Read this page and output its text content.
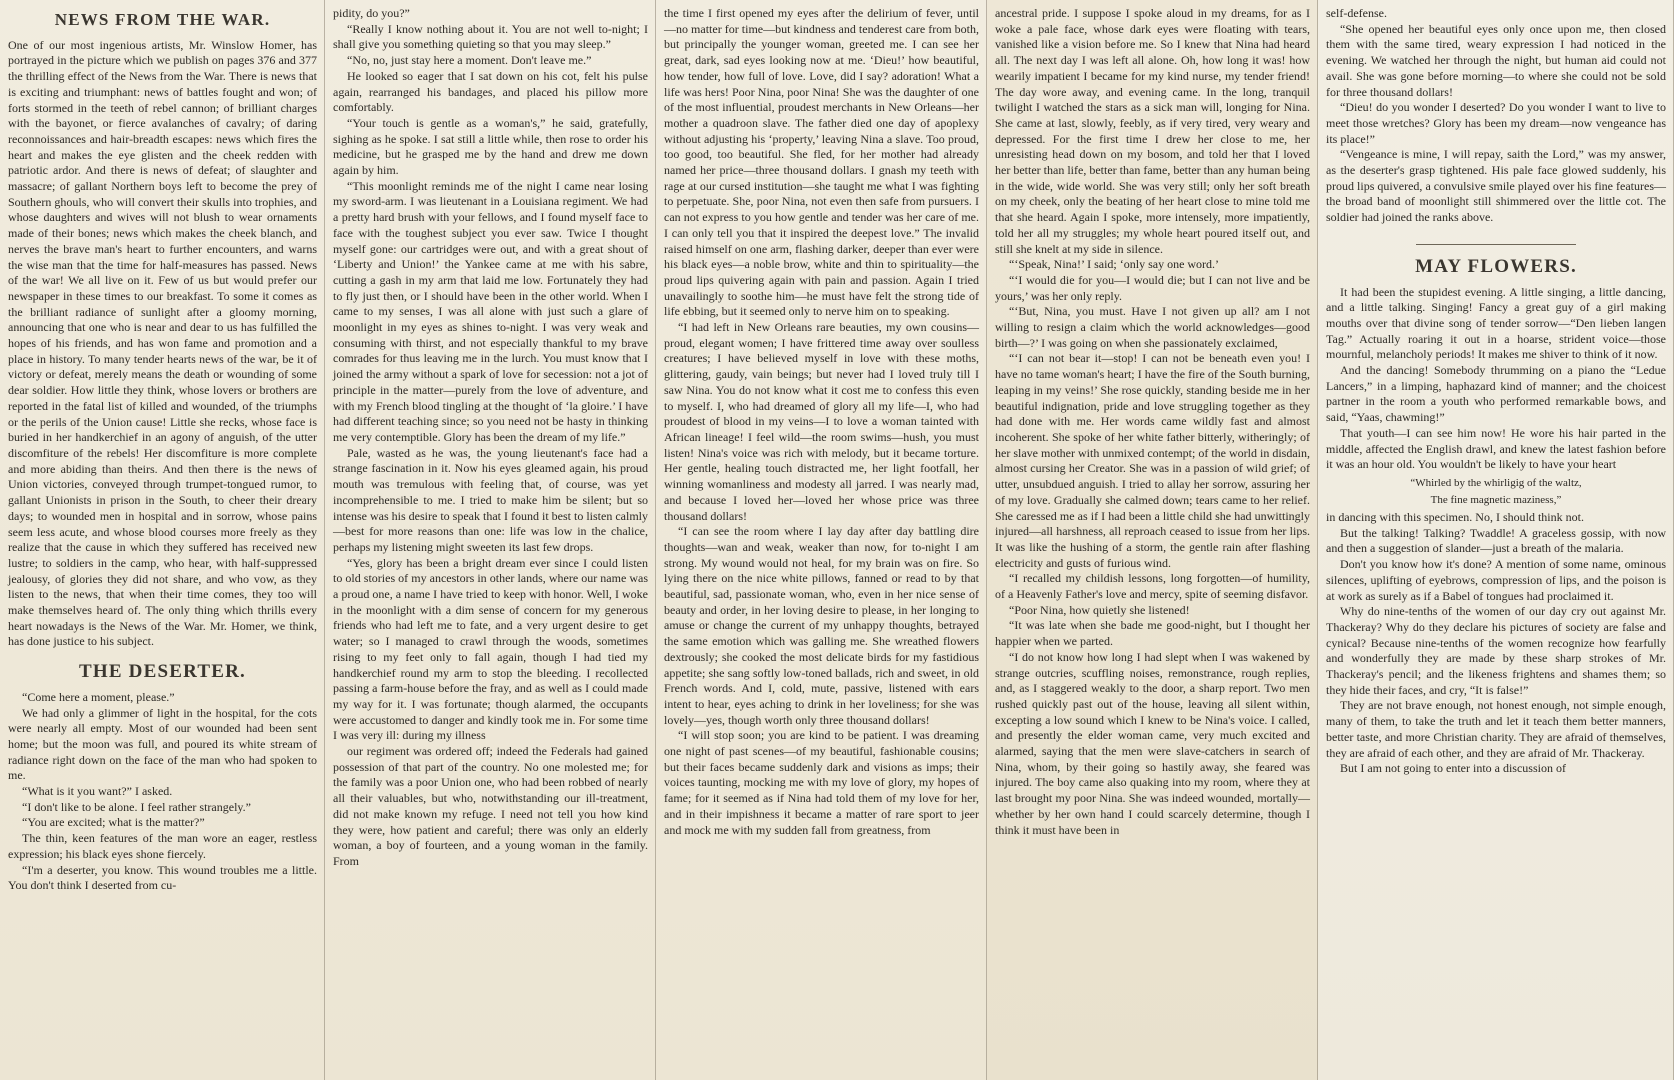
NEWS FROM THE WAR.

One of our most ingenious artists, Mr. Winslow Homer, has portrayed in the picture which we publish on pages 376 and 377 the thrilling effect of the News from the War. There is news that is exciting and triumphant: news of battles fought and won; of forts stormed in the teeth of rebel cannon; of brilliant charges with the bayonet, or fierce avalanches of cavalry; of daring reconnoissances and hair-breadth escapes: news which fires the heart and makes the eye glisten and the cheek redden with patriotic ardor. And there is news of defeat; of slaughter and massacre; of gallant Northern boys left to become the prey of Southern ghouls, who will convert their skulls into trophies, and whose daughters and wives will not blush to wear ornaments made of their bones; news which makes the cheek blanch, and nerves the brave man's heart to further encounters, and warns the wise man that the time for half-measures has passed. News of the war! We all live on it. Few of us but would prefer our newspaper in these times to our breakfast. To some it comes as the brilliant radiance of sunlight after a gloomy morning, announcing that one who is near and dear to us has fulfilled the hopes of his friends, and has won fame and promotion and a place in history. To many tender hearts news of the war, be it of victory or defeat, merely means the death or wounding of some dear soldier. How little they think, whose lovers or brothers are reported in the fatal list of killed and wounded, of the triumphs or the perils of the Union cause! Little she recks, whose face is buried in her handkerchief in an agony of anguish, of the utter discomfiture of the rebels! Her discomfiture is more complete and more abiding than theirs. And then there is the news of Union victories, conveyed through trumpet-tongued rumor, to gallant Unionists in prison in the South, to cheer their dreary days; to wounded men in hospital and in sorrow, whose pains seem less acute, and whose blood courses more freely as they realize that the cause in which they suffered has received new lustre; to soldiers in the camp, who hear, with half-suppressed jealousy, of glories they did not share, and who vow, as they listen to the news, that when their time comes, they too will make themselves heard of. The only thing which thrills every heart nowadays is the News of the War. Mr. Homer, we think, has done justice to his subject.

THE DESERTER.

“Come here a moment, please.”

We had only a glimmer of light in the hospital, for the cots were nearly all empty. Most of our wounded had been sent home; but the moon was full, and poured its white stream of radiance right down on the face of the man who had spoken to me.

“What is it you want?” I asked.

“I don't like to be alone. I feel rather strangely.”

“You are excited; what is the matter?”

The thin, keen features of the man wore an eager, restless expression; his black eyes shone fiercely.

“I'm a deserter, you know. This wound troubles me a little. You don't think I deserted from cu-

pidity, do you?”

“Really I know nothing about it. You are not well to-night; I shall give you something quieting so that you may sleep.”

“No, no, just stay here a moment. Don't leave me.”

He looked so eager that I sat down on his cot, felt his pulse again, rearranged his bandages, and placed his pillow more comfortably.

“Your touch is gentle as a woman's,” he said, gratefully, sighing as he spoke. I sat still a little while, then rose to order his medicine, but he grasped me by the hand and drew me down again by him.

“This moonlight reminds me of the night I came near losing my sword-arm. I was lieutenant in a Louisiana regiment. We had a pretty hard brush with your fellows, and I found myself face to face with the toughest subject you ever saw. Twice I thought myself gone: our cartridges were out, and with a great shout of ‘Liberty and Union!’ the Yankee came at me with his sabre, cutting a gash in my arm that laid me low. Fortunately they had to fly just then, or I should have been in the other world. When I came to my senses, I was all alone with just such a glare of moonlight in my eyes as shines to-night. I was very weak and consuming with thirst, and not especially thankful to my brave comrades for thus leaving me in the lurch. You must know that I joined the army without a spark of love for secession: not a jot of principle in the matter—purely from the love of adventure, and with my French blood tingling at the thought of ‘la gloire.’ I have had different teaching since; so you need not be hasty in thinking me very contemptible. Glory has been the dream of my life.”

Pale, wasted as he was, the young lieutenant's face had a strange fascination in it. Now his eyes gleamed again, his proud mouth was tremulous with feeling that, of course, was yet incomprehensible to me. I tried to make him be silent; but so intense was his desire to speak that I found it best to listen calmly—best for more reasons than one: life was low in the chalice, perhaps my listening might sweeten its last few drops.

“Yes, glory has been a bright dream ever since I could listen to old stories of my ancestors in other lands, where our name was a proud one, a name I have tried to keep with honor. Well, I woke in the moonlight with a dim sense of concern for my generous friends who had left me to fate, and a very urgent desire to get water; so I managed to crawl through the woods, sometimes rising to my feet only to fall again, though I had tied my handkerchief round my arm to stop the bleeding. I recollected passing a farm-house before the fray, and as well as I could made my way for it. I was fortunate; though alarmed, the occupants were accustomed to danger and kindly took me in. For some time I was very ill: during my illness

our regiment was ordered off; indeed the Federals had gained possession of that part of the country. No one molested me; for the family was a poor Union one, who had been robbed of nearly all their valuables, but who, notwithstanding our ill-treatment, did not make known my refuge. I need not tell you how kind they were, how patient and careful; there was only an elderly woman, a boy of fourteen, and a young woman in the family. From

the time I first opened my eyes after the delirium of fever, until—no matter for time—but kindness and tenderest care from both, but principally the younger woman, greeted me. I can see her great, dark, sad eyes looking now at me. ‘Dieu!’ how beautiful, how tender, how full of love. Love, did I say? adoration! What a life was hers! Poor Nina, poor Nina! She was the daughter of one of the most influential, proudest merchants in New Orleans—her mother a quadroon slave. The father died one day of apoplexy without adjusting his ‘property,’ leaving Nina a slave. Too proud, too good, too beautiful. She fled, for her mother had already named her price—three thousand dollars. I gnash my teeth with rage at our cursed institution—she taught me what I was fighting to perpetuate. She, poor Nina, not even then safe from pursuers. I can not express to you how gentle and tender was her care of me. I can only tell you that it inspired the deepest love.” The invalid raised himself on one arm, flashing darker, deeper than ever were his black eyes—a noble brow, white and thin to spirituality—the proud lips quivering again with pain and passion. Again I tried unavailingly to soothe him—he must have felt the strong tide of life ebbing, but it seemed only to nerve him on to speaking.

“I had left in New Orleans rare beauties, my own cousins—proud, elegant women; I have frittered time away over soulless creatures; I have believed myself in love with these moths, glittering, gaudy, vain beings; but never had I loved truly till I saw Nina. You do not know what it cost me to confess this even to myself. I, who had dreamed of glory all my life—I, who had proudest of blood in my veins—I to love a woman tainted with African lineage! I feel wild—the room swims—hush, you must listen! Nina's voice was rich with melody, but it became torture. Her gentle, healing touch distracted me, her light footfall, her winning womanliness and modesty all jarred. I was nearly mad, and because I loved her—loved her whose price was three thousand dollars!

“I can see the room where I lay day after day battling dire thoughts—wan and weak, weaker than now, for to-night I am strong. My wound would not heal, for my brain was on fire. So lying there on the nice white pillows, fanned or read to by that beautiful, sad, passionate woman, who, even in her nice sense of beauty and order, in her loving desire to please, in her longing to amuse or change the current of my unhappy thoughts, betrayed the same emotion which was galling me. She wreathed flowers dextrously; she cooked the most delicate birds for my fastidious appetite; she sang softly low-toned ballads, rich and sweet, in old French words. And I, cold, mute, passive, listened with ears intent to hear, eyes aching to drink in her loveliness; for she was lovely—yes, though worth only three thousand dollars!

“I will stop soon; you are kind to be patient. I was dreaming one night of past scenes—of my beautiful, fashionable cousins; but their faces became suddenly dark and visions as imps; their voices taunting, mocking me with my love of glory, my hopes of fame; for it seemed as if Nina had told them of my love for her, and in their impishness it became a matter of rare sport to jeer and mock me with my sudden fall from greatness, from

ancestral pride. I suppose I spoke aloud in my dreams, for as I woke a pale face, whose dark eyes were floating with tears, vanished like a vision before me. So I knew that Nina had heard all. The next day I was left all alone. Oh, how long it was! how wearily impatient I became for my kind nurse, my tender friend! The day wore away, and evening came. In the long, tranquil twilight I watched the stars as a sick man will, longing for Nina. She came at last, slowly, feebly, as if very tired, very weary and depressed. For the first time I drew her close to me, her unresisting head down on my bosom, and told her that I loved her better than life, better than fame, better than any human being in the wide, wide world. She was very still; only her soft breath on my cheek, only the beating of her heart close to mine told me that she heard. Again I spoke, more intensely, more impatiently, told her all my struggles; my whole heart poured itself out, and still she knelt at my side in silence.

“‘Speak, Nina!’ I said; ‘only say one word.’

“‘I would die for you—I would die; but I can not live and be yours,’ was her only reply.

“‘But, Nina, you must. Have I not given up all? am I not willing to resign a claim which the world acknowledges—good birth—?’ I was going on when she passionately exclaimed,

“‘I can not bear it—stop! I can not be beneath even you! I have no tame woman's heart; I have the fire of the South burning, leaping in my veins!’ She rose quickly, standing beside me in her beautiful indignation, pride and love struggling together as they had done with me. Her words came wildly fast and almost incoherent. She spoke of her white father bitterly, witheringly; of her slave mother with unmixed contempt; of the world in disdain, almost cursing her Creator. She was in a passion of wild grief; of utter, unsubdued anguish. I tried to allay her sorrow, assuring her of my love. Gradually she calmed down; tears came to her relief. She caressed me as if I had been a little child she had unwittingly injured—all harshness, all reproach ceased to issue from her lips. It was like the hushing of a storm, the gentle rain after flashing electricity and gusts of furious wind.

“I recalled my childish lessons, long forgotten—of humility, of a Heavenly Father's love and mercy, spite of seeming disfavor.

“Poor Nina, how quietly she listened!

“It was late when she bade me good-night, but I thought her happier when we parted.

“I do not know how long I had slept when I was wakened by strange outcries, scuffling noises, remonstrance, rough replies, and, as I staggered weakly to the door, a sharp report. Two men rushed quickly past out of the house, leaving all silent within, excepting a low sound which I knew to be Nina's voice. I called, and presently the elder woman came, very much excited and alarmed, saying that the men were slave-catchers in search of Nina, whom, by their going so hastily away, she feared was injured. The boy came also quaking into my room, where they at last brought my poor Nina. She was indeed wounded, mortally—whether by her own hand I could scarcely determine, though I think it must have been in

self-defense.

“She opened her beautiful eyes only once upon me, then closed them with the same tired, weary expression I had noticed in the evening. We watched her through the night, but human aid could not avail. She was gone before morning—to where she could not be sold for three thousand dollars!

“Dieu! do you wonder I deserted? Do you wonder I want to live to meet those wretches? Glory has been my dream—now vengeance has its place!”

“Vengeance is mine, I will repay, saith the Lord,” was my answer, as the deserter's grasp tightened. His pale face glowed suddenly, his proud lips quivered, a convulsive smile played over his fine features—the broad band of moonlight still shimmered over the little cot. The soldier had joined the ranks above.

MAY FLOWERS.

It had been the stupidest evening. A little singing, a little dancing, and a little talking. Singing! Fancy a great guy of a girl making mouths over that divine song of tender sorrow—“Den lieben langen Tag.” Actually roaring it out in a hoarse, strident voice—those mournful, melancholy periods! It makes me shiver to think of it now.

And the dancing! Somebody thrumming on a piano the “Ledue Lancers,” in a limping, haphazard kind of manner; and the choicest partner in the room a youth who performed remarkable bows, and said, “Yaas, chawming!”

That youth—I can see him now! He wore his hair parted in the middle, affected the English drawl, and knew the latest fashion before it was an hour old. You wouldn't be likely to have your heart

“Whirled by the whirligig of the waltz,
The fine magnetic maziness,”

in dancing with this specimen. No, I should think not.

But the talking! Talking? Twaddle! A graceless gossip, with now and then a suggestion of slander—just a breath of the malaria.

Don't you know how it's done? A mention of some name, ominous silences, uplifting of eyebrows, compression of lips, and the poison is at work as surely as if a Babel of tongues had proclaimed it.

Why do nine-tenths of the women of our day cry out against Mr. Thackeray? Why do they declare his pictures of society are false and cynical? Because nine-tenths of the women recognize how fearfully and wonderfully they are made by these sharp strokes of Mr. Thackeray's pencil; and the likeness frightens and shames them; so they hide their faces, and cry, “It is false!”

They are not brave enough, not honest enough, not simple enough, many of them, to take the truth and let it teach them better manners, better taste, and more Christian charity. They are afraid of themselves, they are afraid of each other, and they are afraid of Mr. Thackeray.

But I am not going to enter into a discussion of
